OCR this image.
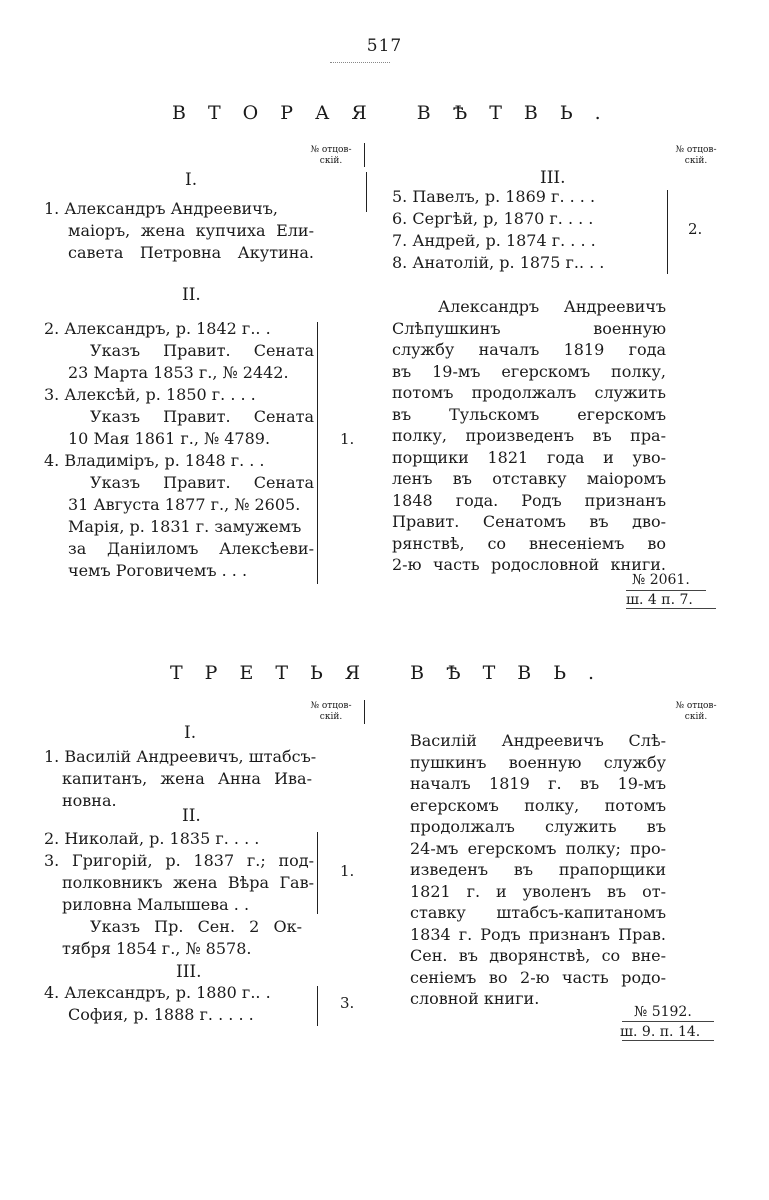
517
ВТОРАЯ ВѢТВЬ.
№ отцов-скій.
№ отцов-скій.
I.
1. Александръ Андреевичъ,
маіоръ, жена купчиха Ели-
савета Петровна Акутина.
II.
2. Александръ, р. 1842 г.. .
Указъ Правит. Сената
23 Марта 1853 г., № 2442.
3. Алексѣй, р. 1850 г. . . .
Указъ Правит. Сената
10 Мая 1861 г., № 4789.
4. Владиміръ, р. 1848 г. . .
Указъ Правит. Сената
31 Августа 1877 г., № 2605.
Марія, р. 1831 г. замужемъ
за Даніиломъ Алексѣеви-
чемъ Роговичемъ . . .
1.
III.
5. Павелъ, р. 1869 г. . . .
6. Сергѣй, р, 1870 г. . . .
7. Андрей, р. 1874 г. . . .
8. Анатолій, р. 1875 г.. . .
2.
Александръ Андреевичъ
Слѣпушкинъ военную
службу началъ 1819 года
въ 19-мъ егерскомъ полку,
потомъ продолжалъ служить
въ Тульскомъ егерскомъ
полку, произведенъ въ пра-
порщики 1821 года и уво-
ленъ въ отставку маіоромъ
1848 года. Родъ признанъ
Правит. Сенатомъ въ дво-
рянствѣ, со внесеніемъ во
2-ю часть родословной книги.
№ 2061.
ш. 4 п. 7.
ТРЕТЬЯ ВѢТВЬ.
№ отцов-скій.
№ отцов-скій.
I.
1. Василій Андреевичъ, штабсъ-
капитанъ, жена Анна Ива-
новна.
II.
2. Николай, р. 1835 г. . . .
3. Григорій, р. 1837 г.; под-
полковникъ жена Вѣра Гав-
риловна Малышева . .
Указъ Пр. Сен. 2 Ок-
тября 1854 г., № 8578.
1.
III.
4. Александръ, р. 1880 г.. .
София, р. 1888 г. . . . .
3.
Василій Андреевичъ Слѣ-
пушкинъ военную службу
началъ 1819 г. въ 19-мъ
егерскомъ полку, потомъ
продолжалъ служить въ
24-мъ егерскомъ полку; про-
изведенъ въ прапорщики
1821 г. и уволенъ въ от-
ставку штабсъ-капитаномъ
1834 г. Родъ признанъ Прав.
Сен. въ дворянствѣ, со вне-
сеніемъ во 2-ю часть родо-
словной книги.
№ 5192.
ш. 9. п. 14.
